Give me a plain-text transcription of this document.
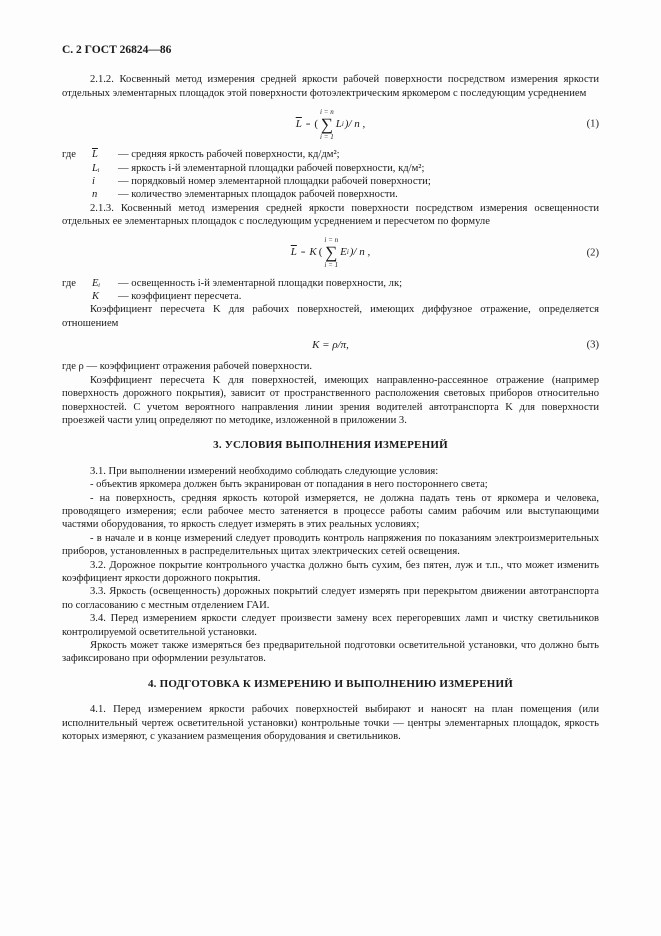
С. 2 ГОСТ 26824—86

2.1.2. Косвенный метод измерения средней яркости рабочей поверхности посредством измерения яркости отдельных элементарных площадок этой поверхности фотоэлектрическим яркомером с последующим усреднением

$\overline{L}$ = (
i = n
∑
i = 1
L i )/ n ,	(1)
где	$\overline{L}$	— средняя яркость рабочей поверхности, кд/дм²;
Lᵢ	— яркость i-й элементарной площадки рабочей поверхности, кд/м²;
i	— порядковый номер элементарной площадки рабочей поверхности;
n	— количество элементарных площадок рабочей поверхности.

2.1.3. Косвенный метод измерения средней яркости поверхности посредством измерения освещенности отдельных ее элементарных площадок с последующим усреднением и пересчетом по формуле

$\overline{L} = K$ (
i = n
∑
i = 1
E i )/ n ,	(2)
где	Eᵢ	— освещенность i-й элементарной площадки поверхности, лк;
K	— коэффициент пересчета.

Коэффициент пересчета K для рабочих поверхностей, имеющих диффузное отражение, определяется отношением

K = ρ/π,	(3)

где ρ — коэффициент отражения рабочей поверхности.

Коэффициент пересчета K для поверхностей, имеющих направленно-рассеянное отражение (например поверхность дорожного покрытия), зависит от пространственного расположения световых приборов относительно поверхностей. С учетом вероятного направления линии зрения водителей автотранспорта K для поверхности проезжей части улиц определяют по методике, изложенной в приложении 3.

3. УСЛОВИЯ ВЫПОЛНЕНИЯ ИЗМЕРЕНИЙ

3.1. При выполнении измерений необходимо соблюдать следующие условия:

- объектив яркомера должен быть экранирован от попадания в него постороннего света;

- на поверхность, средняя яркость которой измеряется, не должна падать тень от яркомера и человека, проводящего измерения; если рабочее место затеняется в процессе работы самим рабочим или выступающими частями оборудования, то яркость следует измерять в этих реальных условиях;

- в начале и в конце измерений следует проводить контроль напряжения по показаниям электроизмерительных приборов, установленных в распределительных щитах электрических сетей освещения.

3.2. Дорожное покрытие контрольного участка должно быть сухим, без пятен, луж и т.п., что может изменить коэффициент яркости дорожного покрытия.

3.3. Яркость (освещенность) дорожных покрытий следует измерять при перекрытом движении автотранспорта по согласованию с местным отделением ГАИ.

3.4. Перед измерением яркости следует произвести замену всех перегоревших ламп и чистку светильников контролируемой осветительной установки.

Яркость может также измеряться без предварительной подготовки осветительной установки, что должно быть зафиксировано при оформлении результатов.

4. ПОДГОТОВКА К ИЗМЕРЕНИЮ И ВЫПОЛНЕНИЮ ИЗМЕРЕНИЙ

4.1. Перед измерением яркости рабочих поверхностей выбирают и наносят на план помещения (или исполнительный чертеж осветительной установки) контрольные точки — центры элементарных площадок, яркость которых измеряют, с указанием размещения оборудования и светильников.
